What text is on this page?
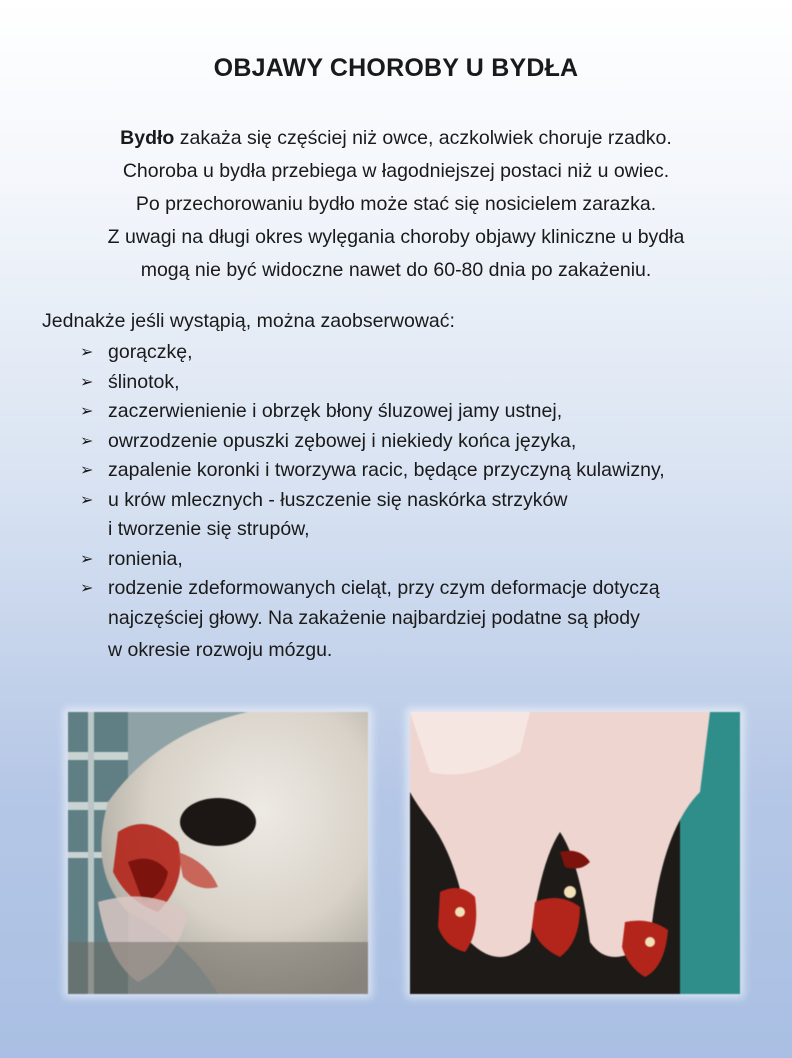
OBJAWY CHOROBY U BYDŁA
Bydło zakaża się częściej niż owce, aczkolwiek choruje rzadko.
Choroba u bydła przebiega w łagodniejszej postaci niż u owiec.
Po przechorowaniu bydło może stać się nosicielem zarazka.
Z uwagi na długi okres wylęgania choroby objawy kliniczne u bydła
mogą nie być widoczne nawet do 60-80 dnia po zakażeniu.
Jednakże jeśli wystąpią, można zaobserwować:
➢ gorączkę,
➢ ślinotok,
➢ zaczerwienienie i obrzęk błony śluzowej jamy ustnej,
➢ owrzodzenie opuszki zębowej i niekiedy końca języka,
➢ zapalenie koronki i tworzywa racic, będące przyczyną kulawizny,
➢ u krów mlecznych - łuszczenie się naskórka strzyków
i tworzenie się strupów,
➢ ronienia,
➢ rodzenie zdeformowanych cieląt, przy czym deformacje dotyczą
najczęściej głowy. Na zakażenie najbardziej podatne są płody
w okresie rozwoju mózgu.
